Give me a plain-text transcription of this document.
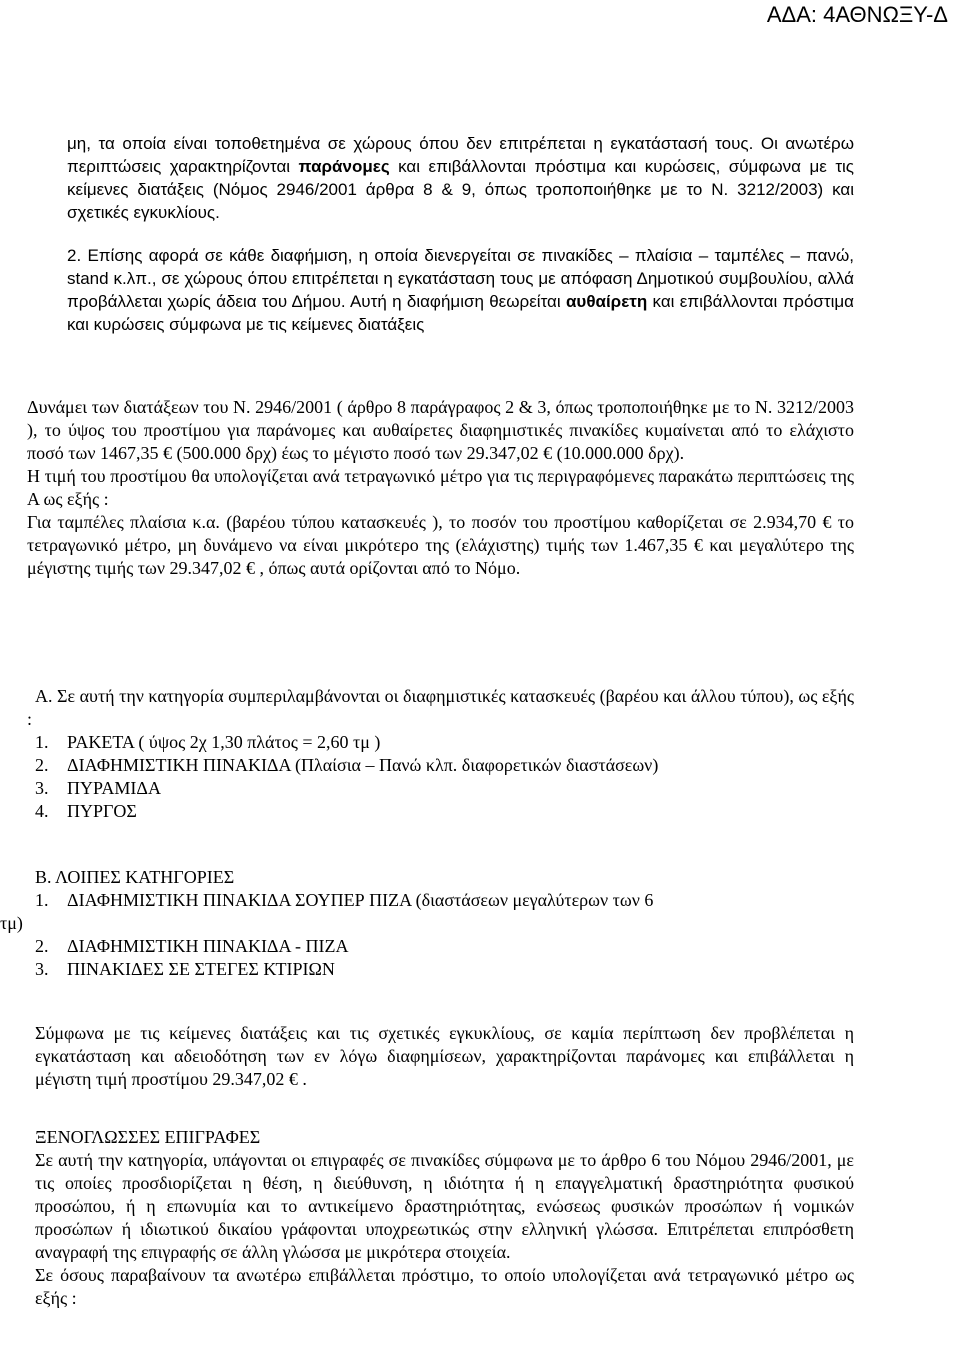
ΑΔΑ: 4ΑΘΝΩΞΥ-Δ

μη, τα οποία είναι τοποθετημένα σε χώρους όπου δεν επιτρέπεται η εγκατάστασή τους. Οι ανωτέρω περιπτώσεις χαρακτηρίζονται παράνομες και επιβάλλονται πρόστιμα και κυρώσεις, σύμφωνα με τις κείμενες διατάξεις (Νόμος 2946/2001 άρθρα 8 & 9, όπως τροποποιήθηκε με το Ν. 3212/2003) και σχετικές εγκυκλίους.

2. Επίσης αφορά σε κάθε διαφήμιση, η οποία διενεργείται σε πινακίδες – πλαίσια – ταμπέλες – πανώ, stand κ.λπ., σε χώρους όπου επιτρέπεται η εγκατάσταση τους με απόφαση Δημοτικού συμβουλίου, αλλά προβάλλεται χωρίς άδεια του Δήμου. Αυτή η διαφήμιση θεωρείται αυθαίρετη και επιβάλλονται πρόστιμα και κυρώσεις σύμφωνα με τις κείμενες διατάξεις

Δυνάμει των διατάξεων του Ν. 2946/2001 ( άρθρο 8 παράγραφος 2 & 3, όπως τροποποιήθηκε με το Ν. 3212/2003 ), το ύψος του προστίμου για παράνομες και αυθαίρετες διαφημιστικές πινακίδες κυμαίνεται από το ελάχιστο ποσό των 1467,35 € (500.000 δρχ) έως το μέγιστο ποσό των 29.347,02 € (10.000.000 δρχ).

Η τιμή του προστίμου θα υπολογίζεται ανά τετραγωνικό μέτρο για τις περιγραφόμενες παρακάτω περιπτώσεις της Α ως εξής :

Για ταμπέλες πλαίσια κ.α. (βαρέου τύπου κατασκευές ), το ποσόν του προστίμου καθορίζεται σε 2.934,70 € το τετραγωνικό μέτρο, μη δυνάμενο να είναι μικρότερο της (ελάχιστης) τιμής των 1.467,35 € και μεγαλύτερο της μέγιστης τιμής των 29.347,02 € , όπως αυτά ορίζονται από το Νόμο.

Α. Σε αυτή την κατηγορία συμπεριλαμβάνονται οι διαφημιστικές κατασκευές (βαρέου και άλλου τύπου), ως εξής :

1. ΡΑΚΕΤΑ ( ύψος 2χ 1,30 πλάτος = 2,60 τμ )
2. ΔΙΑΦΗΜΙΣΤΙΚΗ ΠΙΝΑΚΙΔΑ (Πλαίσια – Πανώ κλπ. διαφορετικών διαστάσεων)
3. ΠΥΡΑΜΙΔΑ
4. ΠΥΡΓΟΣ
Β. ΛΟΙΠΕΣ ΚΑΤΗΓΟΡΙΕΣ
1. ΔΙΑΦΗΜΙΣΤΙΚΗ ΠΙΝΑΚΙΔΑ ΣΟΥΠΕΡ ΠΙΖΑ (διαστάσεων μεγαλύτερων των 6
τμ)
2. ΔΙΑΦΗΜΙΣΤΙΚΗ ΠΙΝΑΚΙΔΑ - ΠΙΖΑ
3. ΠΙΝΑΚΙΔΕΣ ΣΕ ΣΤΕΓΕΣ ΚΤΙΡΙΩΝ

Σύμφωνα με τις κείμενες διατάξεις και τις σχετικές εγκυκλίους, σε καμία περίπτωση δεν προβλέπεται η εγκατάσταση και αδειοδότηση των εν λόγω διαφημίσεων, χαρακτηρίζονται παράνομες και επιβάλλεται η μέγιστη τιμή προστίμου 29.347,02 € .

ΞΕΝΟΓΛΩΣΣΕΣ ΕΠΙΓΡΑΦΕΣ

Σε αυτή την κατηγορία, υπάγονται οι επιγραφές σε πινακίδες σύμφωνα με το άρθρο 6 του Νόμου 2946/2001, με τις οποίες προσδιορίζεται η θέση, η διεύθυνση, η ιδιότητα ή η επαγγελματική δραστηριότητα φυσικού προσώπου, ή η επωνυμία και το αντικείμενο δραστηριότητας, ενώσεως φυσικών προσώπων ή νομικών προσώπων ή ιδιωτικού δικαίου γράφονται υποχρεωτικώς στην ελληνική γλώσσα. Επιτρέπεται επιπρόσθετη αναγραφή της επιγραφής σε άλλη γλώσσα με μικρότερα στοιχεία.

Σε όσους παραβαίνουν τα ανωτέρω επιβάλλεται πρόστιμο, το οποίο υπολογίζεται ανά τετραγωνικό μέτρο ως εξής :
